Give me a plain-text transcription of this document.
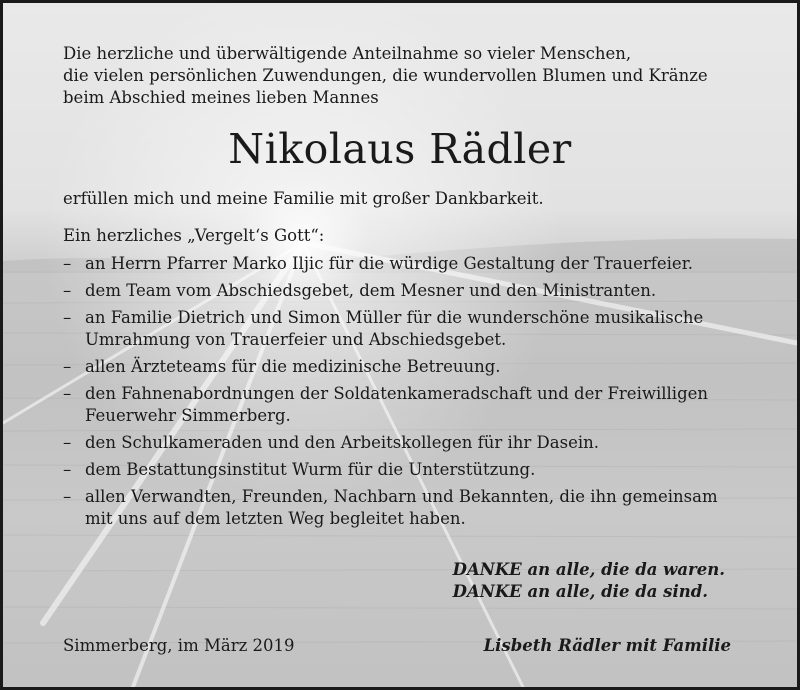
Die herzliche und überwältigende Anteilnahme so vieler Menschen,
die vielen persönlichen Zuwendungen, die wundervollen Blumen und Kränze
beim Abschied meines lieben Mannes
Nikolaus Rädler
erfüllen mich und meine Familie mit großer Dankbarkeit.
Ein herzliches „Vergelt‘s Gott“:
– an Herrn Pfarrer Marko Iljic für die würdige Gestaltung der Trauerfeier.
– dem Team vom Abschiedsgebet, dem Mesner und den Ministranten.
– an Familie Dietrich und Simon Müller für die wunderschöne musikalische
Umrahmung von Trauerfeier und Abschiedsgebet.
– allen Ärzteteams für die medizinische Betreuung.
– den Fahnenabordnungen der Soldatenkameradschaft und der Freiwilligen
Feuerwehr Simmerberg.
– den Schulkameraden und den Arbeitskollegen für ihr Dasein.
– dem Bestattungsinstitut Wurm für die Unterstützung.
– allen Verwandten, Freunden, Nachbarn und Bekannten, die ihn gemeinsam
mit uns auf dem letzten Weg begleitet haben.
DANKE an alle, die da waren.
DANKE an alle, die da sind.
Simmerberg, im März 2019	Lisbeth Rädler mit Familie
